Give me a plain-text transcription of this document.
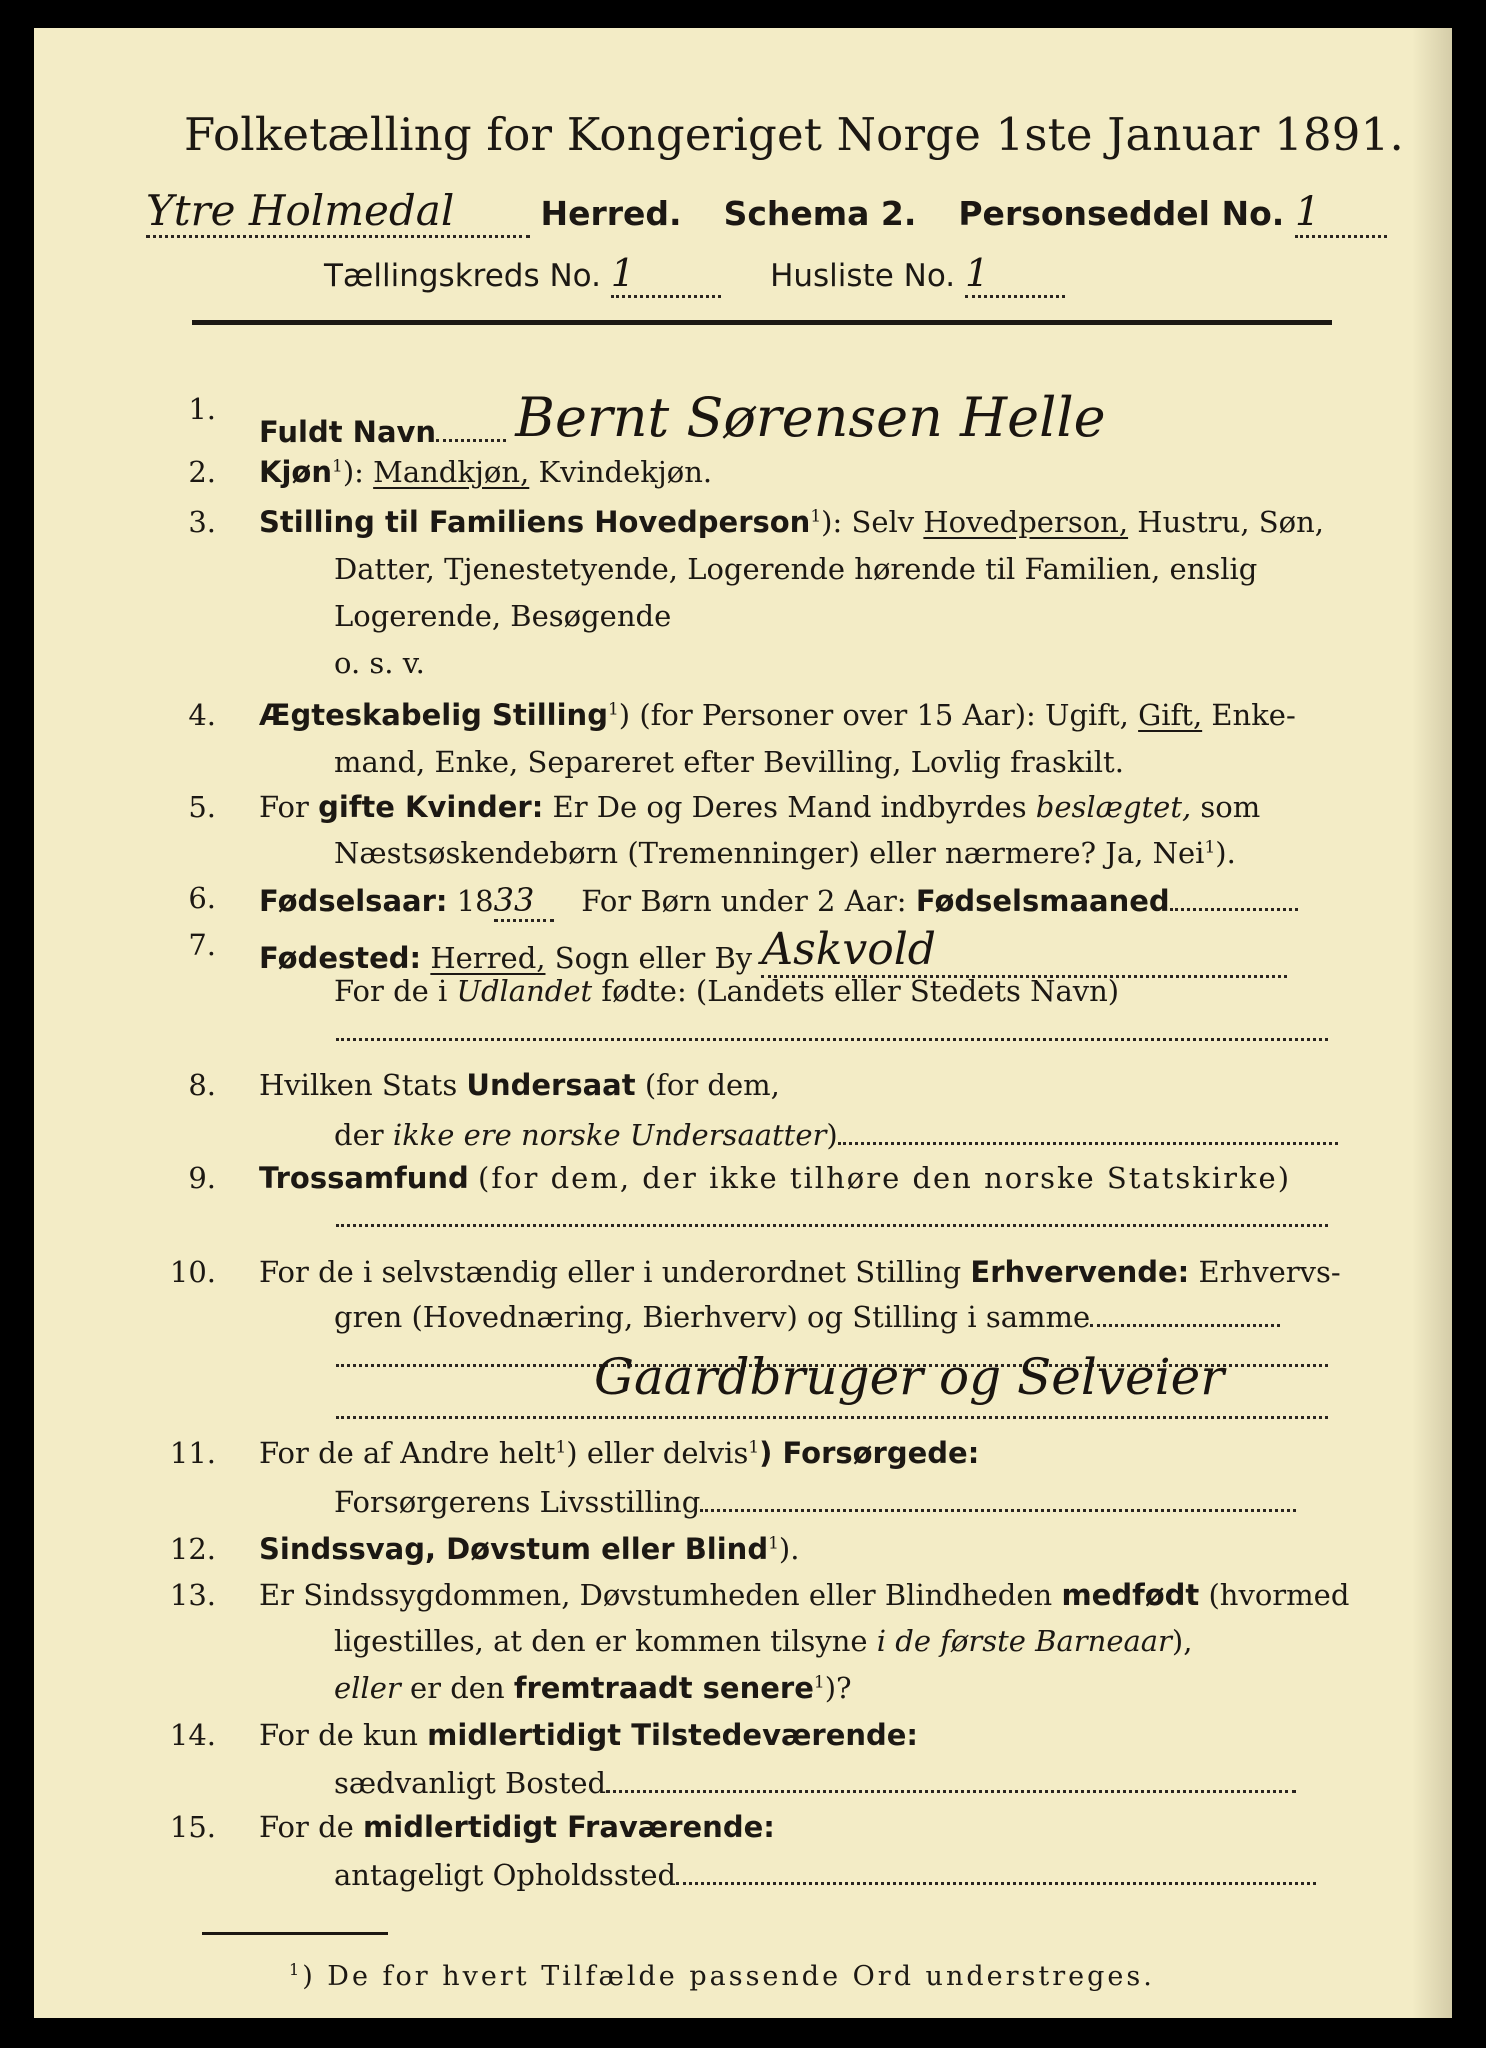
Folketælling for Kongeriget Norge 1ste Januar 1891.
Ytre Holmedal	Herred. Schema 2. Personseddel No. 1
Tællingskreds No. 1	Husliste No. 1
1.
Fuldt Navn Bernt Sørensen Helle
2. Kjøn$^1$): Mandkjøn, Kvindekjøn.
3. Stilling til Familiens Hovedperson$^1$): Selv Hovedperson, Hustru, Søn,
Datter, Tjenestetyende, Logerende hørende til Familien, enslig
Logerende, Besøgende
o. s. v.
4. Ægteskabelig Stilling$^1$) (for Personer over 15 Aar): Ugift, Gift, Enke-
mand, Enke, Separeret efter Bevilling, Lovlig fraskilt.
5. For gifte Kvinder: Er De og Deres Mand indbyrdes beslægtet, som
Næstsøskendebørn (Tremenninger) eller nærmere? Ja, Nei$^1$).
6. Fødselsaar: 1833 For Børn under 2 Aar: Fødselsmaaned
7. Fødested: Herred, Sogn eller By Askvold
For de i Udlandet fødte: (Landets eller Stedets Navn)
8. Hvilken Stats Undersaat (for dem,
der ikke ere norske Undersaatter)
9. Trossamfund (for dem, der ikke tilhøre den norske Statskirke)
10. For de i selvstændig eller i underordnet Stilling Erhvervende: Erhvervs-
gren (Hovednæring, Bierhverv) og Stilling i samme
Gaardbruger og Selveier
11. For de af Andre helt$^1$) eller delvis$^1$) Forsørgede:
Forsørgerens Livsstilling
12. Sindssvag, Døvstum eller Blind$^1$).
13. Er Sindssygdommen, Døvstumheden eller Blindheden medfødt (hvormed
ligestilles, at den er kommen tilsyne i de første Barneaar),
eller er den fremtraadt senere$^1$)?
14. For de kun midlertidigt Tilstedeværende:
sædvanligt Bosted
15. For de midlertidigt Fraværende:
antageligt Opholdssted
$^1$) De for hvert Tilfælde passende Ord understreges.
